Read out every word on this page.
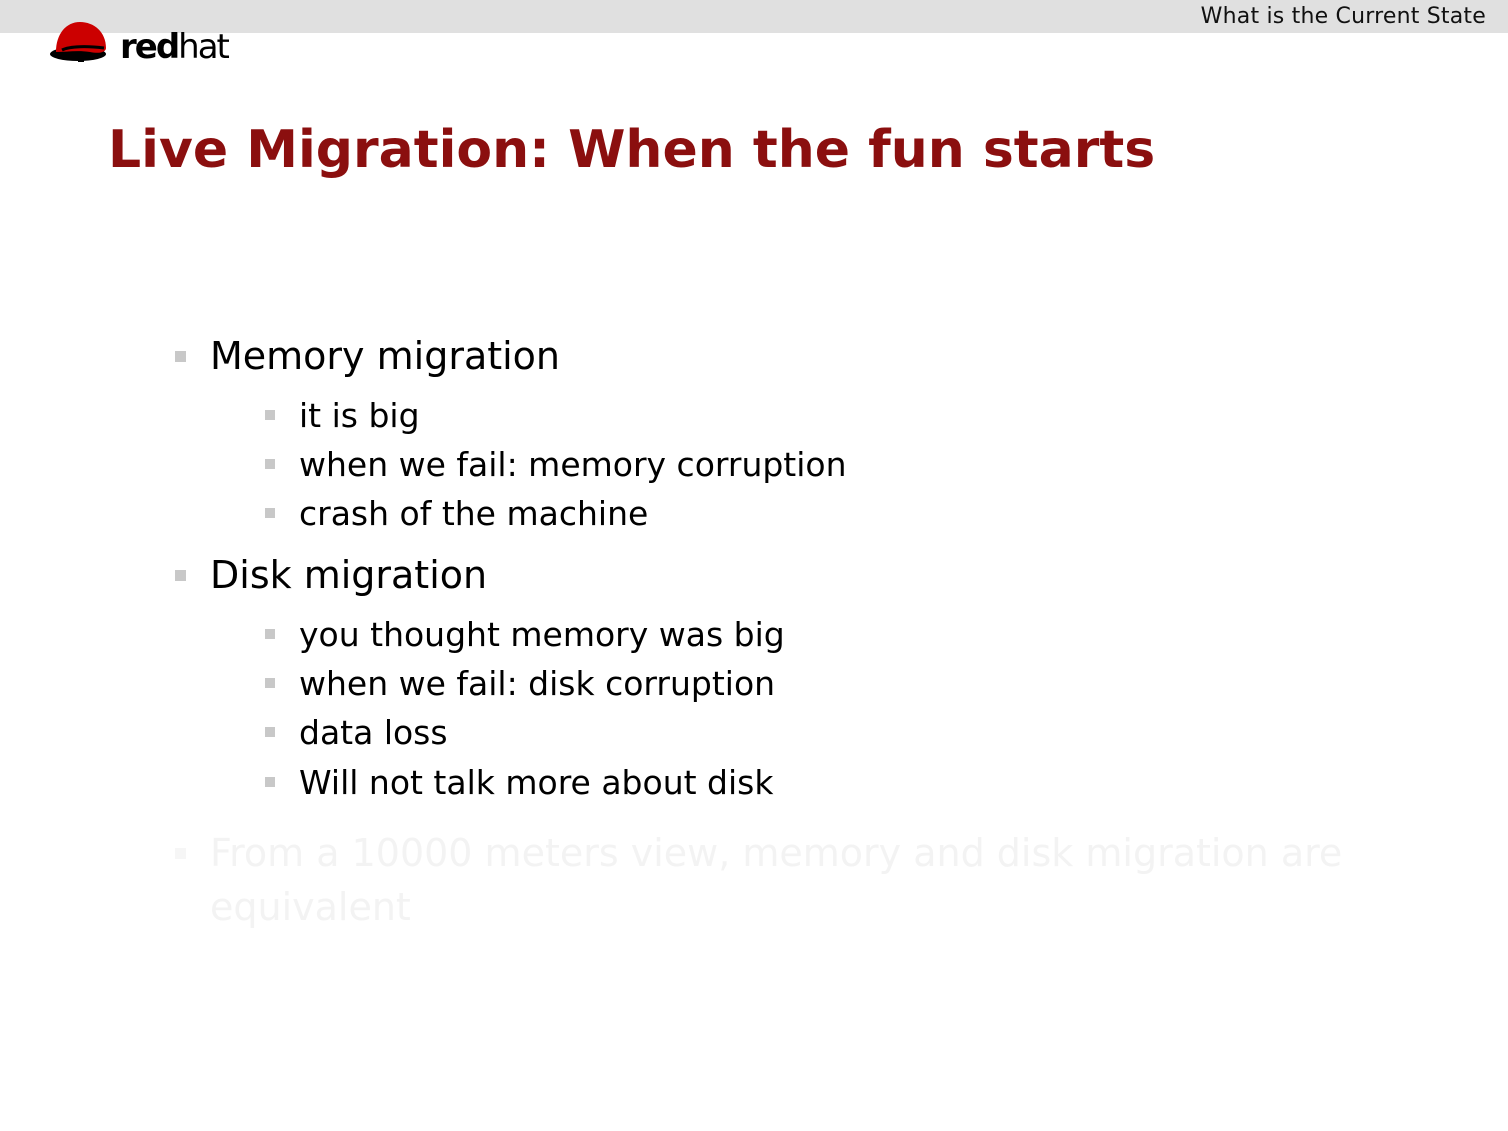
What is the Current State
redhat
Live Migration: When the fun starts
Memory migration
it is big
when we fail: memory corruption
crash of the machine
Disk migration
you thought memory was big
when we fail: disk corruption
data loss
Will not talk more about disk
From a 10000 meters view, memory and disk migration are equivalent
